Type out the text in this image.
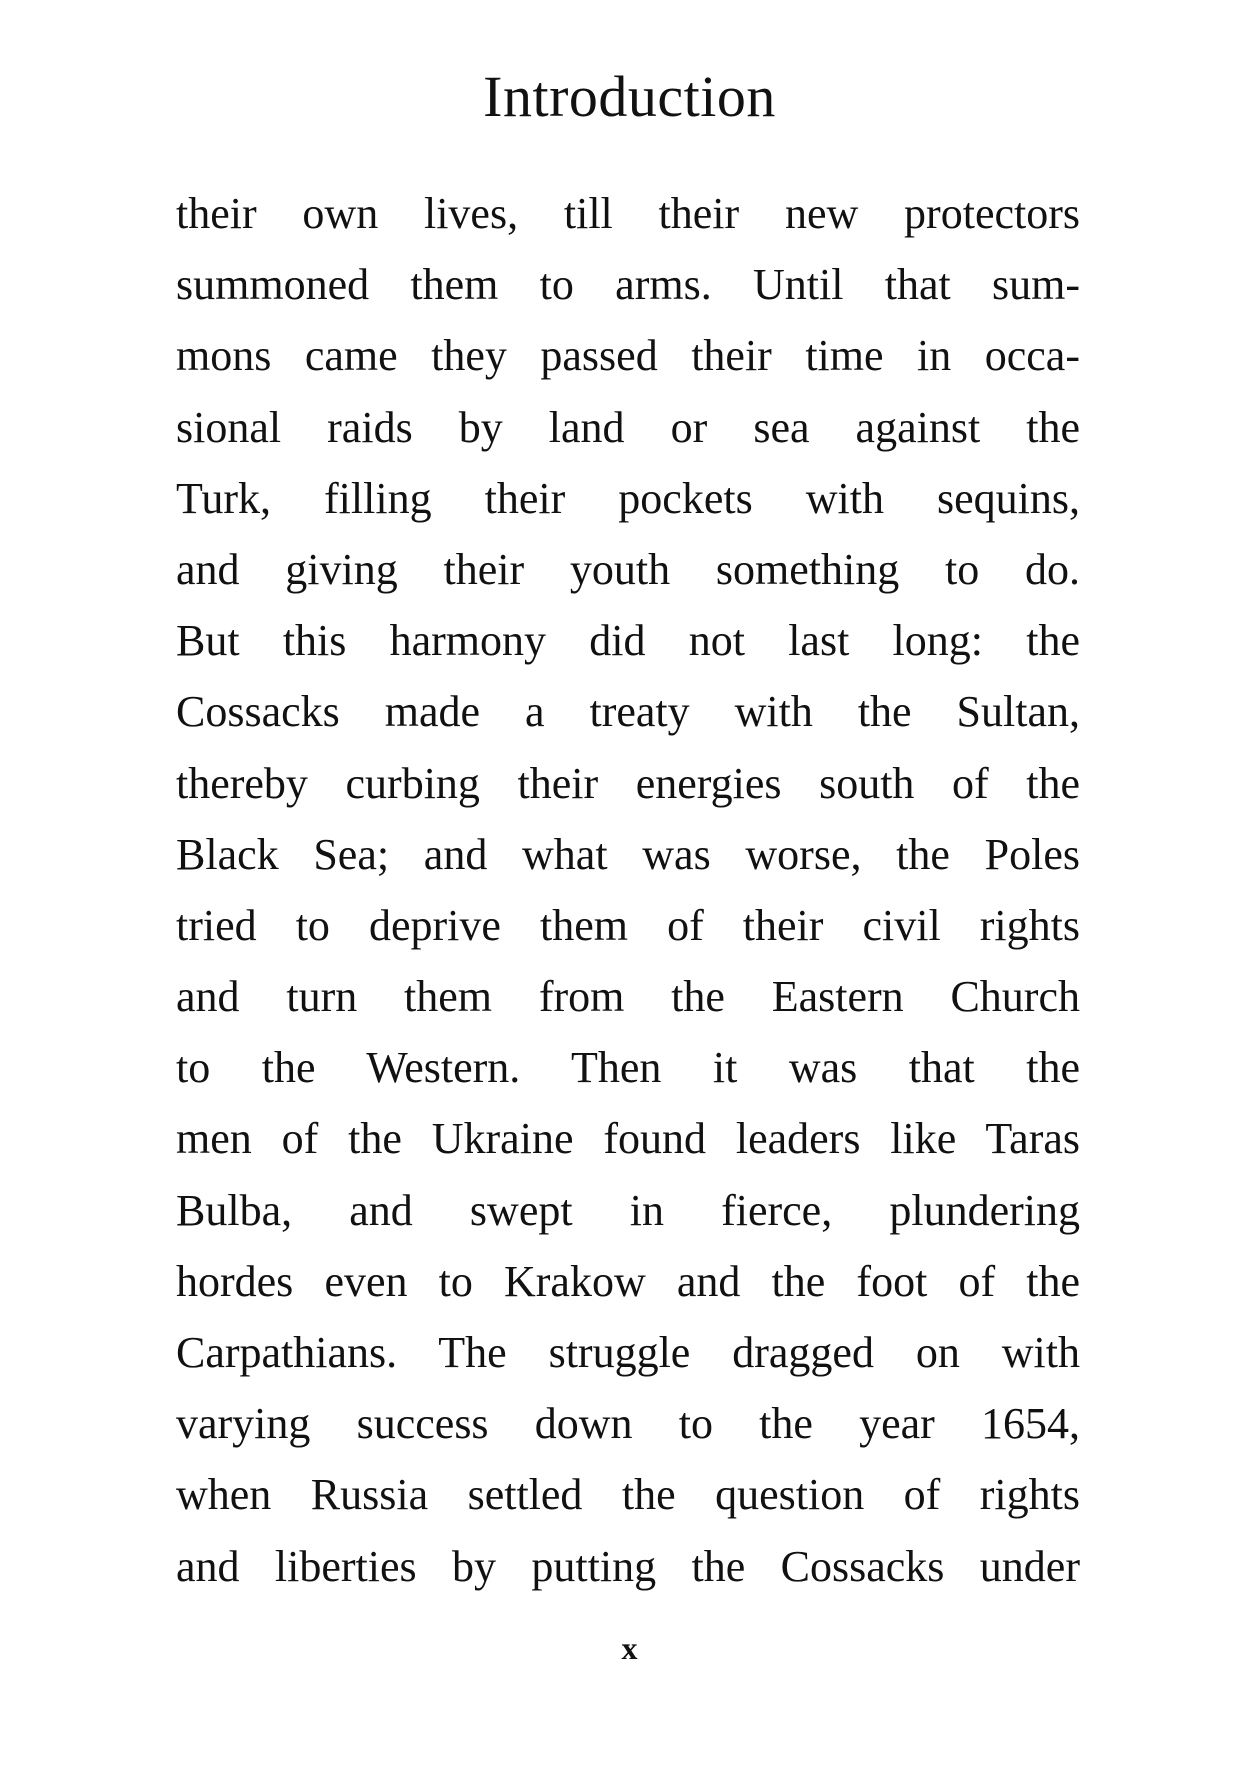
Introduction
their own lives, till their new protectors
summoned them to arms. Until that sum-
mons came they passed their time in occa-
sional raids by land or sea against the
Turk, filling their pockets with sequins,
and giving their youth something to do.
But this harmony did not last long: the
Cossacks made a treaty with the Sultan,
thereby curbing their energies south of the
Black Sea; and what was worse, the Poles
tried to deprive them of their civil rights
and turn them from the Eastern Church
to the Western. Then it was that the
men of the Ukraine found leaders like Taras
Bulba, and swept in fierce, plundering
hordes even to Krakow and the foot of the
Carpathians. The struggle dragged on with
varying success down to the year 1654,
when Russia settled the question of rights
and liberties by putting the Cossacks under
x
